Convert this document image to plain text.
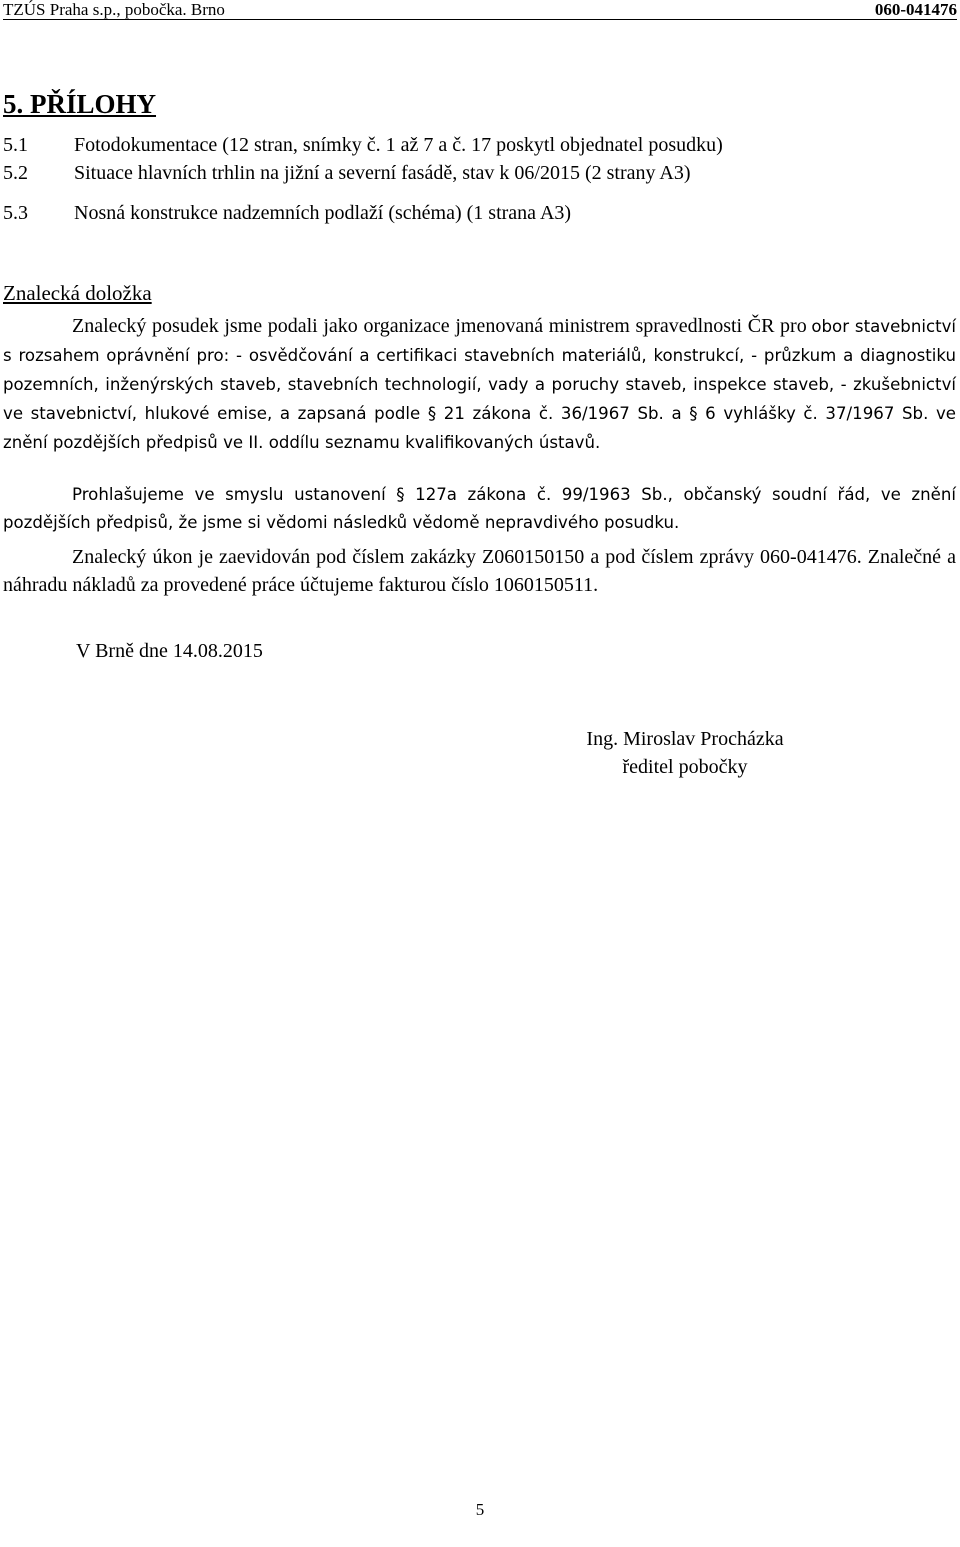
TZÚS Praha s.p., pobočka. Brno	060-041476
5. PŘÍLOHY
5.1 Fotodokumentace (12 stran, snímky č. 1 až 7 a č. 17 poskytl objednatel posudku)
5.2 Situace hlavních trhlin na jižní a severní fasádě, stav k 06/2015 (2 strany A3)
5.3 Nosná konstrukce nadzemních podlaží (schéma) (1 strana A3)
Znalecká doložka

Znalecký posudek jsme podali jako organizace jmenovaná ministrem spravedlnosti ČR pro obor stavebnictví s rozsahem oprávnění pro: - osvědčování a certifikaci stavebních materiálů, konstrukcí, - průzkum a diagnostiku pozemních, inženýrských staveb, stavebních technologií, vady a poruchy staveb, inspekce staveb, - zkušebnictví ve stavebnictví, hlukové emise, a zapsaná podle § 21 zákona č. 36/1967 Sb. a § 6 vyhlášky č. 37/1967 Sb. ve znění pozdějších předpisů ve II. oddílu seznamu kvalifikovaných ústavů.

Prohlašujeme ve smyslu ustanovení § 127a zákona č. 99/1963 Sb., občanský soudní řád, ve znění pozdějších předpisů, že jsme si vědomi následků vědomě nepravdivého posudku.

Znalecký úkon je zaevidován pod číslem zakázky Z060150150 a pod číslem zprávy 060-041476. Znalečné a náhradu nákladů za provedené práce účtujeme fakturou číslo 1060150511.

V Brně dne 14.08.2015
Ing. Miroslav Procházka
ředitel pobočky
5
